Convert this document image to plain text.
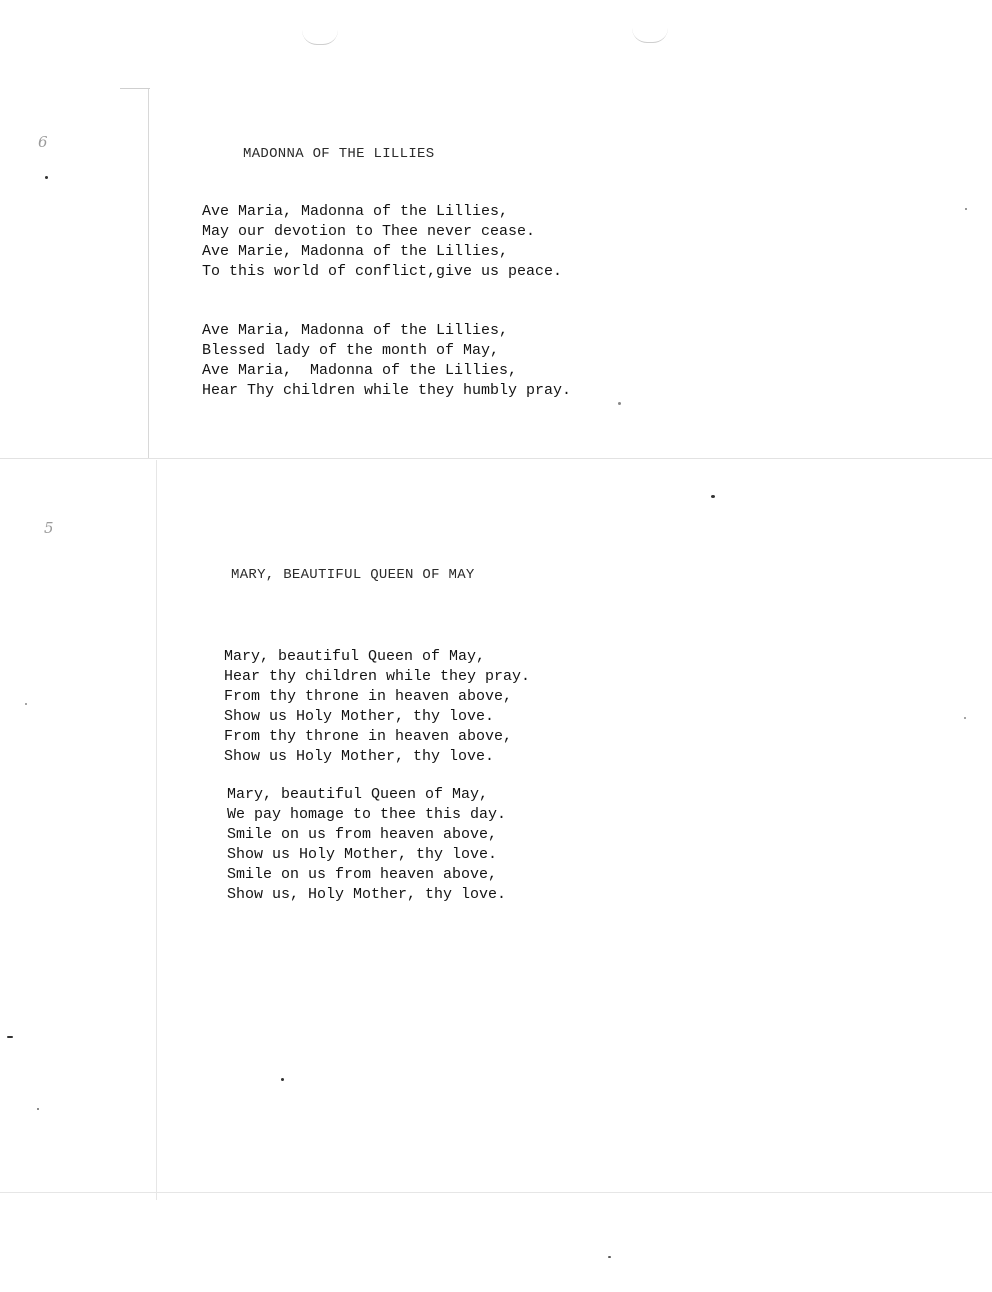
6
5
MADONNA OF THE LILLIES
Ave Maria, Madonna of the Lillies,
May our devotion to Thee never cease.
Ave Marie, Madonna of the Lillies,
To this world of conflict,give us peace.
Ave Maria, Madonna of the Lillies,
Blessed lady of the month of May,
Ave Maria,  Madonna of the Lillies,
Hear Thy children while they humbly pray.
MARY, BEAUTIFUL QUEEN OF MAY
Mary, beautiful Queen of May,
Hear thy children while they pray.
From thy throne in heaven above,
Show us Holy Mother, thy love.
From thy throne in heaven above,
Show us Holy Mother, thy love.
Mary, beautiful Queen of May,
We pay homage to thee this day.
Smile on us from heaven above,
Show us Holy Mother, thy love.
Smile on us from heaven above,
Show us, Holy Mother, thy love.
